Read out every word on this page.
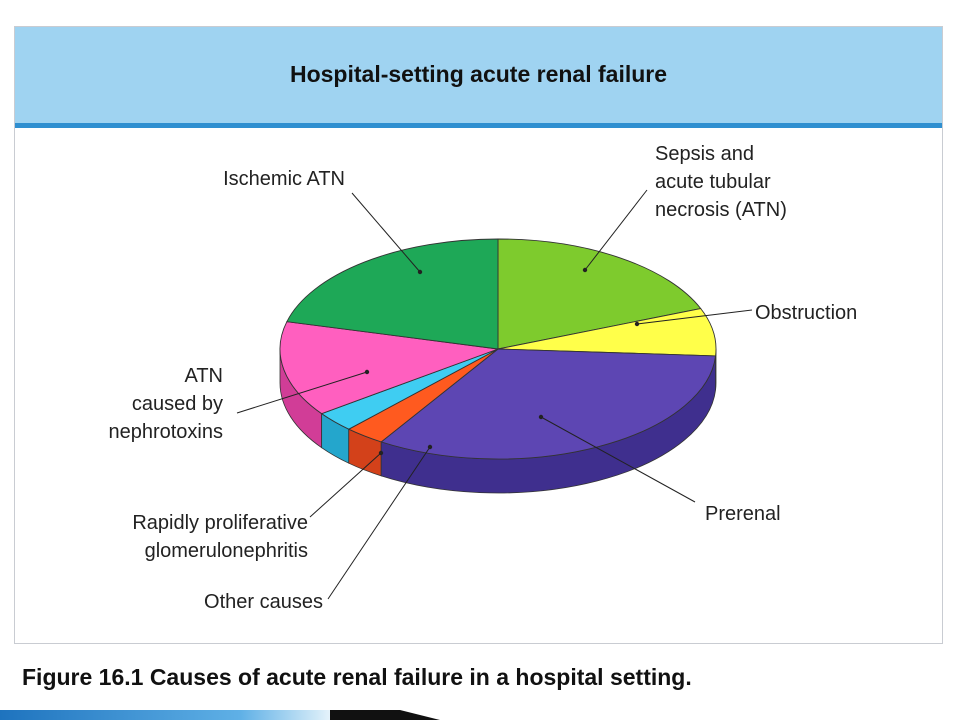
Hospital-setting acute renal failure
Sepsis and acute tubular necrosis (ATN)
Obstruction
Prerenal
Other causes
Rapidly proliferative glomerulonephritis
ATN caused by nephrotoxins
Ischemic ATN
Figure 16.1 Causes of acute renal failure in a hospital setting.
